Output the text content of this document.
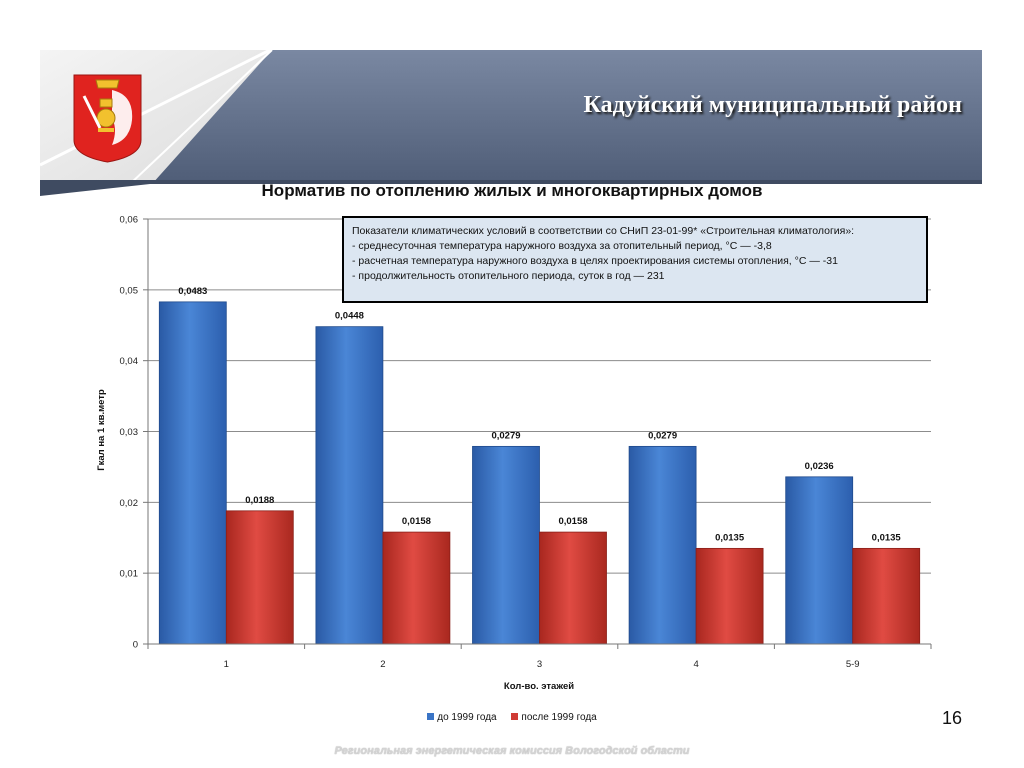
Кадуйский муниципальный район
Норматив по отоплению жилых и многоквартирных домов
0,0483
0,0188
0,0448
0,0158
0,0279
0,0158
0,0279
0,0135
0,0236
0,0135
0
0,01
0,02
0,03
0,04
0,05
0,06
1	2	3	4	5-9
Гкал на 1 кв.метр
Кол-во. этажей
Показатели климатических условий в соответствии со СНиП 23-01-99* «Строительная климатология»:
- среднесуточная температура наружного воздуха за отопительный период, °C — -3,8
- расчетная температура наружного воздуха в целях проектирования системы отопления, °C — -31
- продолжительность отопительного периода, суток в год — 231
до 1999 года после 1999 года	16
Региональная энергетическая комиссия Вологодской области
